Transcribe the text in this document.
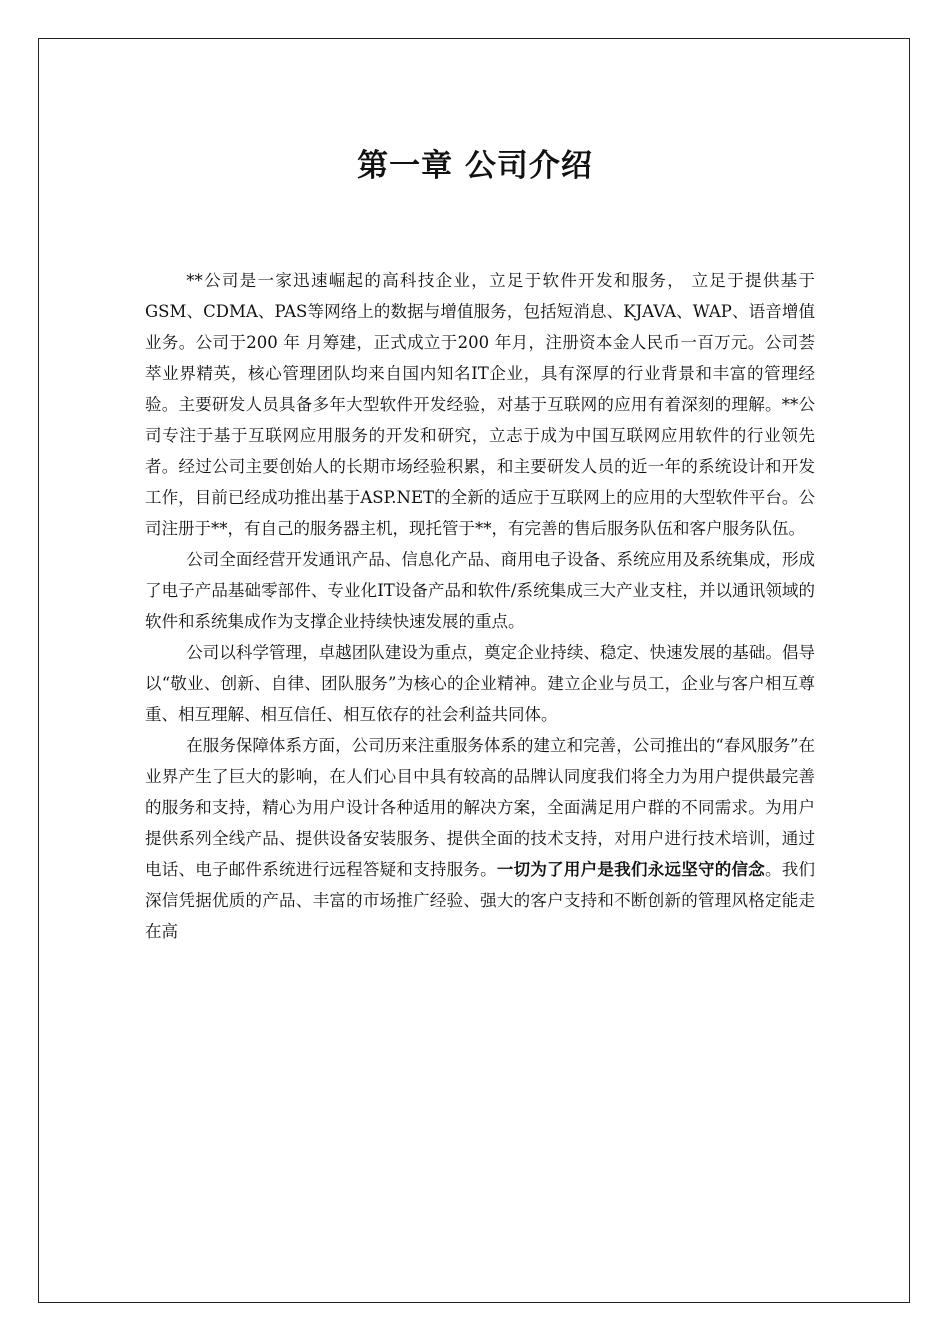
第一章 公司介绍

**公司是一家迅速崛起的高科技企业，立足于软件开发和服务， 立足于提供基于GSM、CDMA、PAS等网络上的数据与增值服务，包括短消息、KJAVA、WAP、语音增值业务。公司于200 年 月筹建，正式成立于200 年月，注册资本金人民币一百万元。公司荟萃业界精英，核心管理团队均来自国内知名IT企业，具有深厚的行业背景和丰富的管理经验。主要研发人员具备多年大型软件开发经验，对基于互联网的应用有着深刻的理解。**公司专注于基于互联网应用服务的开发和研究，立志于成为中国互联网应用软件的行业领先者。经过公司主要创始人的长期市场经验积累，和主要研发人员的近一年的系统设计和开发工作，目前已经成功推出基于ASP.NET的全新的适应于互联网上的应用的大型软件平台。公司注册于**，有自己的服务器主机，现托管于**，有完善的售后服务队伍和客户服务队伍。

公司全面经营开发通讯产品、信息化产品、商用电子设备、系统应用及系统集成，形成了电子产品基础零部件、专业化IT设备产品和软件/系统集成三大产业支柱，并以通讯领域的软件和系统集成作为支撑企业持续快速发展的重点。

公司以科学管理，卓越团队建设为重点，奠定企业持续、稳定、快速发展的基础。倡导以“敬业、创新、自律、团队服务”为核心的企业精神。建立企业与员工，企业与客户相互尊重、相互理解、相互信任、相互依存的社会利益共同体。

在服务保障体系方面，公司历来注重服务体系的建立和完善，公司推出的“春风服务”在业界产生了巨大的影响，在人们心目中具有较高的品牌认同度我们将全力为用户提供最完善的服务和支持，精心为用户设计各种适用的解决方案，全面满足用户群的不同需求。为用户提供系列全线产品、提供设备安装服务、提供全面的技术支持，对用户进行技术培训，通过电话、电子邮件系统进行远程答疑和支持服务。一切为了用户是我们永远坚守的信念。我们深信凭据优质的产品、丰富的市场推广经验、强大的客户支持和不断创新的管理风格定能走在高
